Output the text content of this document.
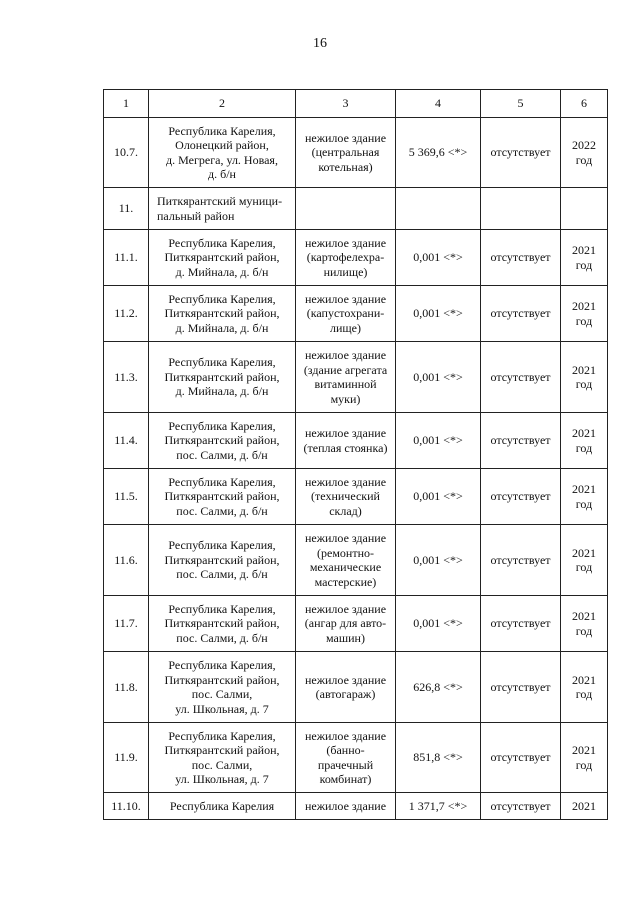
16
1	2	3	4	5	6
10.7.	Республика Карелия,
Олонецкий район,
д. Мегрега, ул. Новая,
д. б/н	нежилое здание
(центральная
котельная)	5 369,6 <*>	отсутствует	2022
год
11.	Питкярантский муници-
пальный район				
11.1.	Республика Карелия,
Питкярантский район,
д. Мийнала, д. б/н	нежилое здание
(картофелехра-
нилище)	0,001 <*>	отсутствует	2021
год
11.2.	Республика Карелия,
Питкярантский район,
д. Мийнала, д. б/н	нежилое здание
(капустохрани-
лище)	0,001 <*>	отсутствует	2021
год
11.3.	Республика Карелия,
Питкярантский район,
д. Мийнала, д. б/н	нежилое здание
(здание агрегата
витаминной
муки)	0,001 <*>	отсутствует	2021
год
11.4.	Республика Карелия,
Питкярантский район,
пос. Салми, д. б/н	нежилое здание
(теплая стоянка)	0,001 <*>	отсутствует	2021
год
11.5.	Республика Карелия,
Питкярантский район,
пос. Салми, д. б/н	нежилое здание
(технический
склад)	0,001 <*>	отсутствует	2021
год
11.6.	Республика Карелия,
Питкярантский район,
пос. Салми, д. б/н	нежилое здание
(ремонтно-
механические
мастерские)	0,001 <*>	отсутствует	2021
год
11.7.	Республика Карелия,
Питкярантский район,
пос. Салми, д. б/н	нежилое здание
(ангар для авто-
машин)	0,001 <*>	отсутствует	2021
год
11.8.	Республика Карелия,
Питкярантский район,
пос. Салми,
ул. Школьная, д. 7	нежилое здание
(автогараж)	626,8 <*>	отсутствует	2021
год
11.9.	Республика Карелия,
Питкярантский район,
пос. Салми,
ул. Школьная, д. 7	нежилое здание
(банно-
прачечный
комбинат)	851,8 <*>	отсутствует	2021
год
11.10.	Республика Карелия	нежилое здание	1 371,7 <*>	отсутствует	2021
